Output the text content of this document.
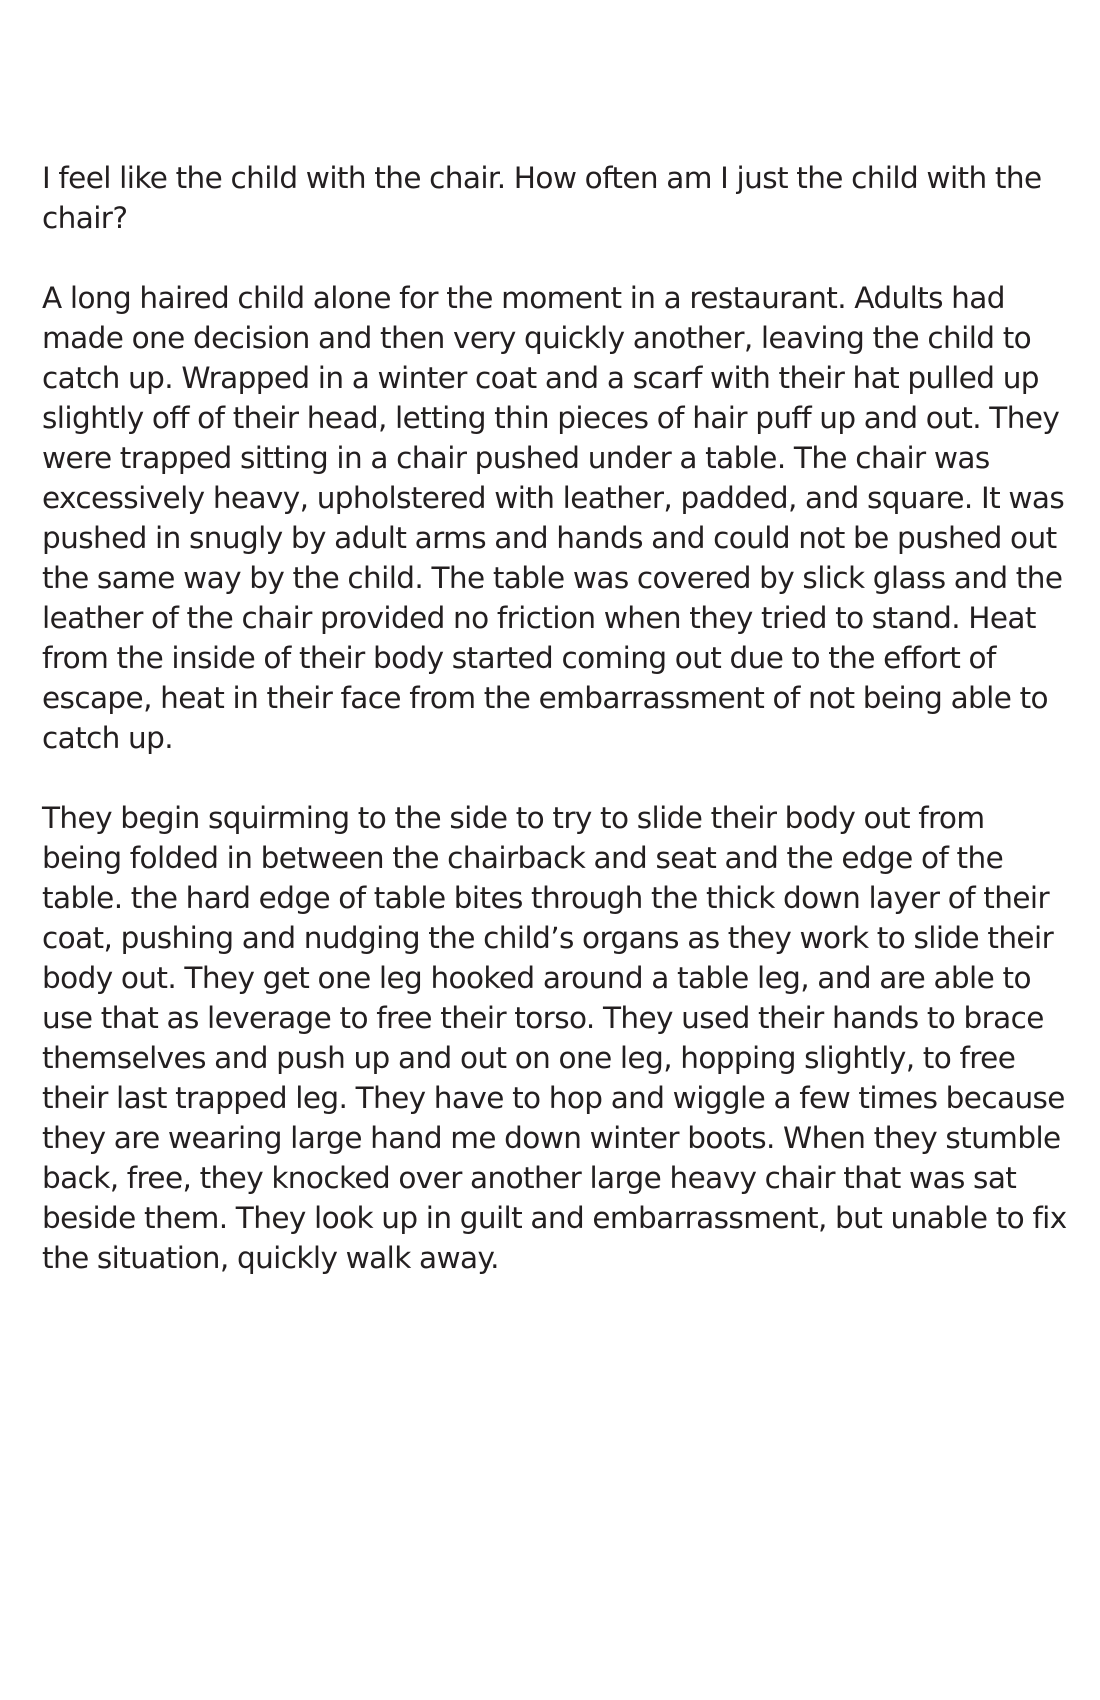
I feel like the child with the chair. How often am I just the child with the
chair?

A long haired child alone for the moment in a restaurant. Adults had
made one decision and then very quickly another, leaving the child to
catch up. Wrapped in a winter coat and a scarf with their hat pulled up
slightly off of their head, letting thin pieces of hair puff up and out. They
were trapped sitting in a chair pushed under a table. The chair was
excessively heavy, upholstered with leather, padded, and square. It was
pushed in snugly by adult arms and hands and could not be pushed out
the same way by the child. The table was covered by slick glass and the
leather of the chair provided no friction when they tried to stand. Heat
from the inside of their body started coming out due to the effort of
escape, heat in their face from the embarrassment of not being able to
catch up.

They begin squirming to the side to try to slide their body out from
being folded in between the chairback and seat and the edge of the
table. the hard edge of table bites through the thick down layer of their
coat, pushing and nudging the child’s organs as they work to slide their
body out. They get one leg hooked around a table leg, and are able to
use that as leverage to free their torso. They used their hands to brace
themselves and push up and out on one leg, hopping slightly, to free
their last trapped leg. They have to hop and wiggle a few times because
they are wearing large hand me down winter boots. When they stumble
back, free, they knocked over another large heavy chair that was sat
beside them. They look up in guilt and embarrassment, but unable to fix
the situation, quickly walk away.
